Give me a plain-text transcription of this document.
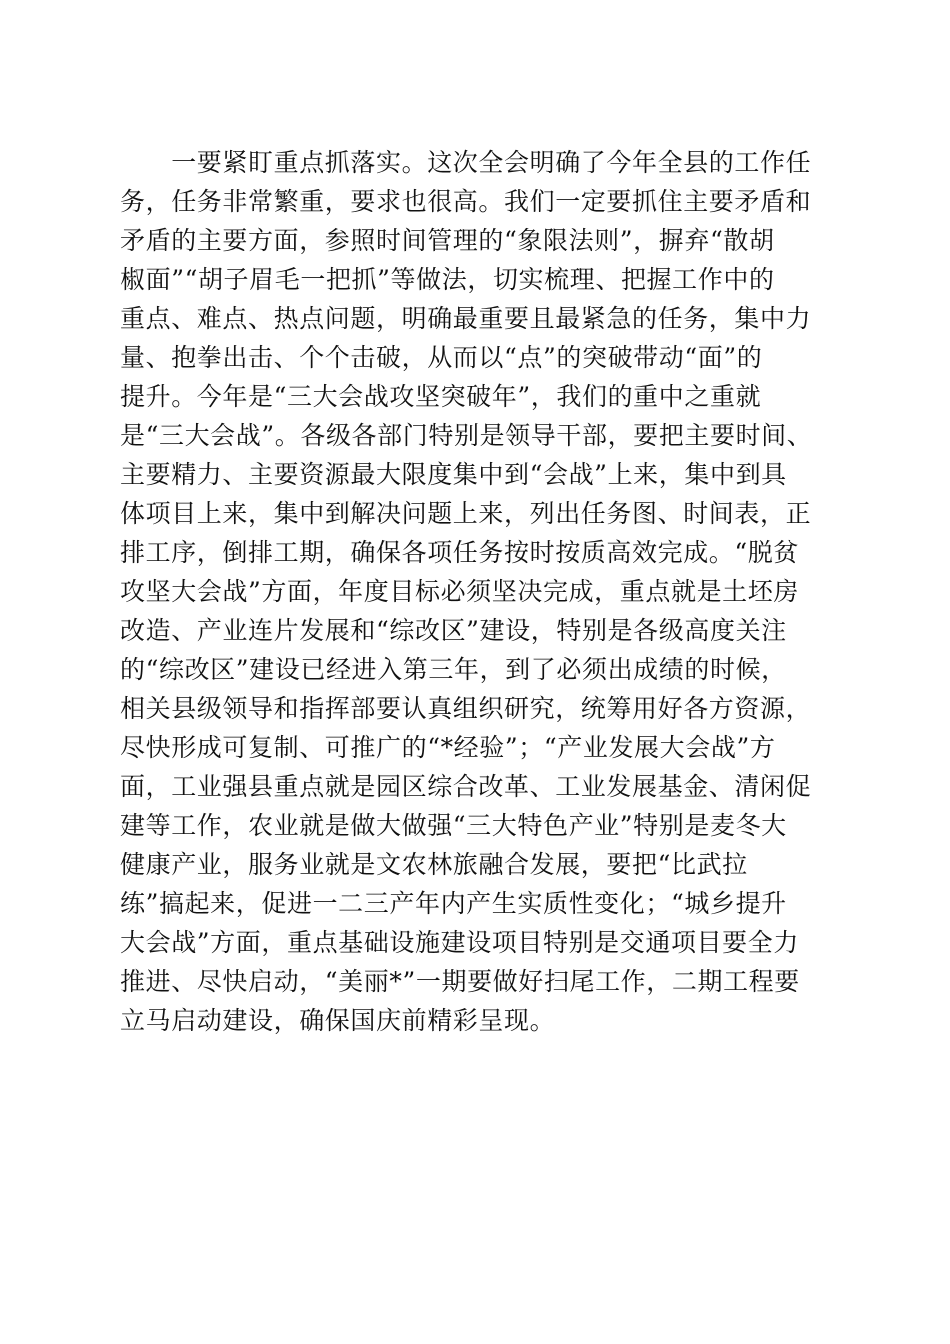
　　一要紧盯重点抓落实。这次全会明确了今年全县的工作任
务，任务非常繁重，要求也很高。我们一定要抓住主要矛盾和
矛盾的主要方面，参照时间管理的“象限法则”，摒弃“散胡
椒面”“胡子眉毛一把抓”等做法，切实梳理、把握工作中的
重点、难点、热点问题，明确最重要且最紧急的任务，集中力
量、抱拳出击、个个击破，从而以“点”的突破带动“面”的
提升。今年是“三大会战攻坚突破年”，我们的重中之重就
是“三大会战”。各级各部门特别是领导干部，要把主要时间、
主要精力、主要资源最大限度集中到“会战”上来，集中到具
体项目上来，集中到解决问题上来，列出任务图、时间表，正
排工序，倒排工期，确保各项任务按时按质高效完成。“脱贫
攻坚大会战”方面，年度目标必须坚决完成，重点就是土坯房
改造、产业连片发展和“综改区”建设，特别是各级高度关注
的“综改区”建设已经进入第三年，到了必须出成绩的时候，
相关县级领导和指挥部要认真组织研究，统筹用好各方资源，
尽快形成可复制、可推广的“*经验”；“产业发展大会战”方
面，工业强县重点就是园区综合改革、工业发展基金、清闲促
建等工作，农业就是做大做强“三大特色产业”特别是麦冬大
健康产业，服务业就是文农林旅融合发展，要把“比武拉
练”搞起来，促进一二三产年内产生实质性变化；“城乡提升
大会战”方面，重点基础设施建设项目特别是交通项目要全力
推进、尽快启动，“美丽*”一期要做好扫尾工作，二期工程要
立马启动建设，确保国庆前精彩呈现。
